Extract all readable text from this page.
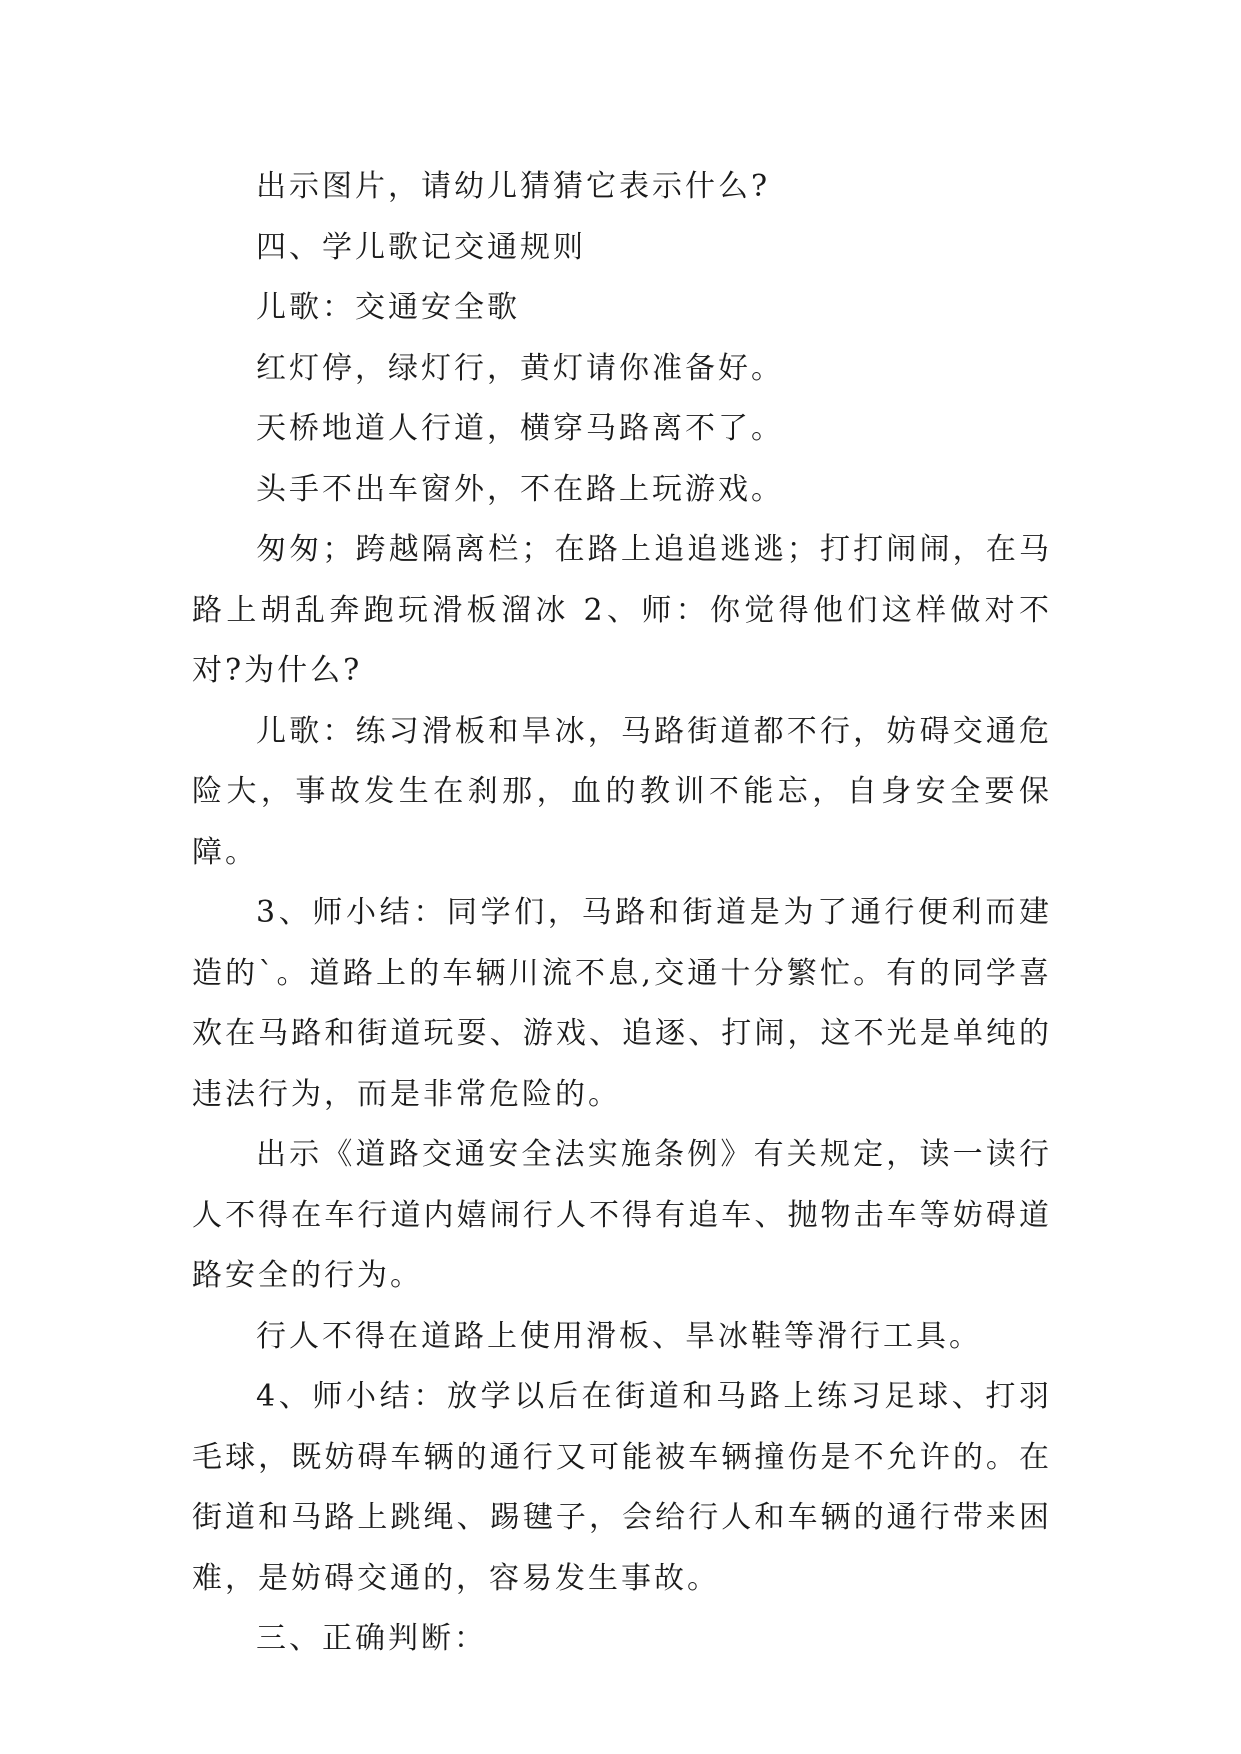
出示图片，请幼儿猜猜它表示什么?

四、学儿歌记交通规则

儿歌：交通安全歌

红灯停，绿灯行，黄灯请你准备好。

天桥地道人行道，横穿马路离不了。

头手不出车窗外，不在路上玩游戏。

匆匆；跨越隔离栏；在路上追追逃逃；打打闹闹，在马路上胡乱奔跑玩滑板溜冰 2、师：你觉得他们这样做对不对?为什么?

儿歌：练习滑板和旱冰，马路街道都不行，妨碍交通危险大，事故发生在刹那，血的教训不能忘，自身安全要保障。

3、师小结：同学们，马路和街道是为了通行便利而建造的`。道路上的车辆川流不息,交通十分繁忙。有的同学喜欢在马路和街道玩耍、游戏、追逐、打闹，这不光是单纯的违法行为，而是非常危险的。

出示《道路交通安全法实施条例》有关规定，读一读行人不得在车行道内嬉闹行人不得有追车、抛物击车等妨碍道路安全的行为。

行人不得在道路上使用滑板、旱冰鞋等滑行工具。

4、师小结：放学以后在街道和马路上练习足球、打羽毛球，既妨碍车辆的通行又可能被车辆撞伤是不允许的。在街道和马路上跳绳、踢毽子，会给行人和车辆的通行带来困难，是妨碍交通的，容易发生事故。

三、正确判断：
